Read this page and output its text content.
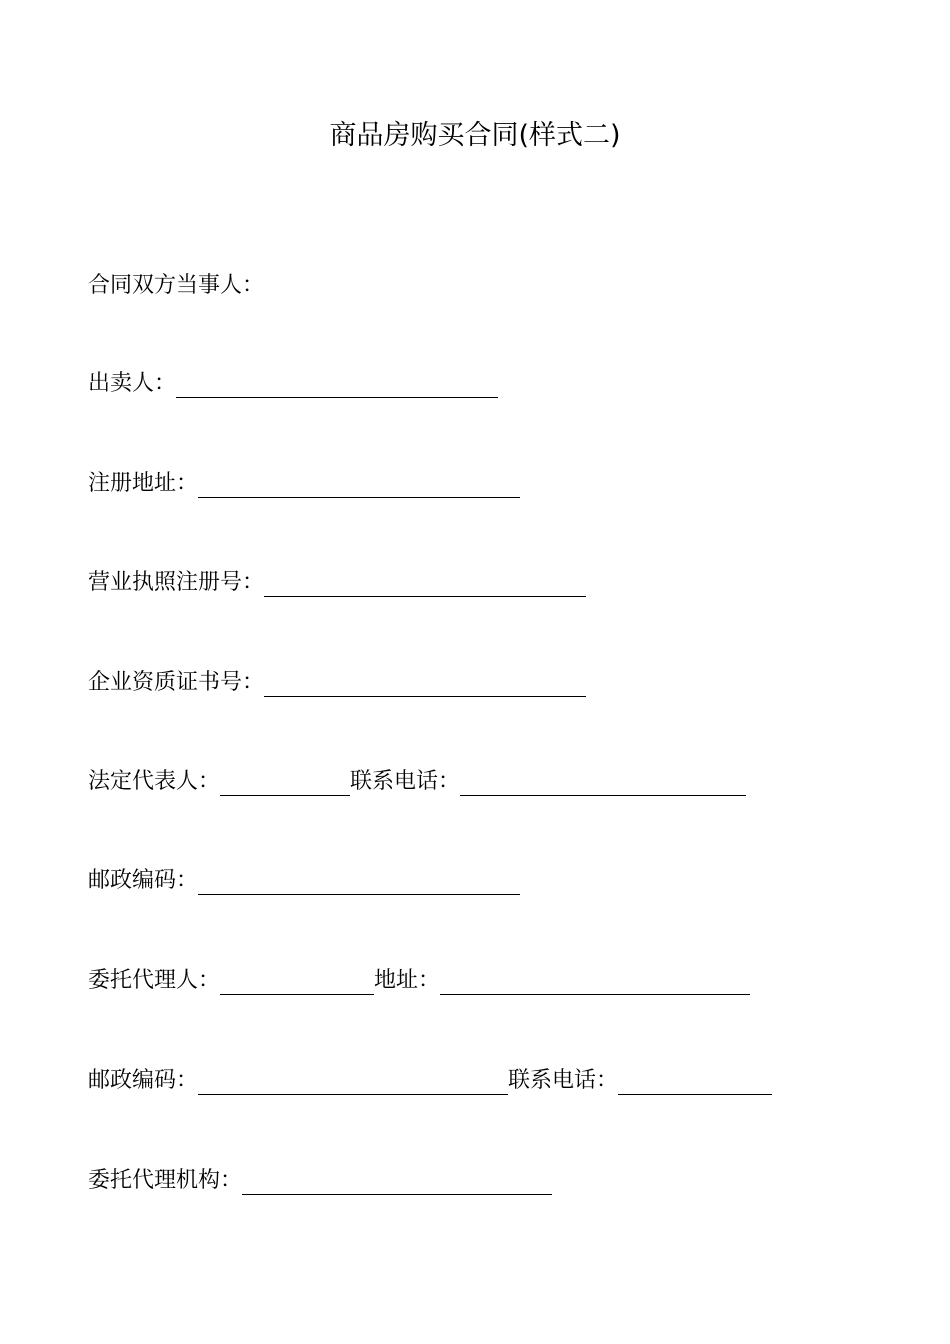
商品房购买合同(样式二)
合同双方当事人：
出卖人：
注册地址：
营业执照注册号：
企业资质证书号：
法定代表人：	联系电话：
邮政编码：
委托代理人：	地址：
邮政编码：	联系电话：
委托代理机构：
